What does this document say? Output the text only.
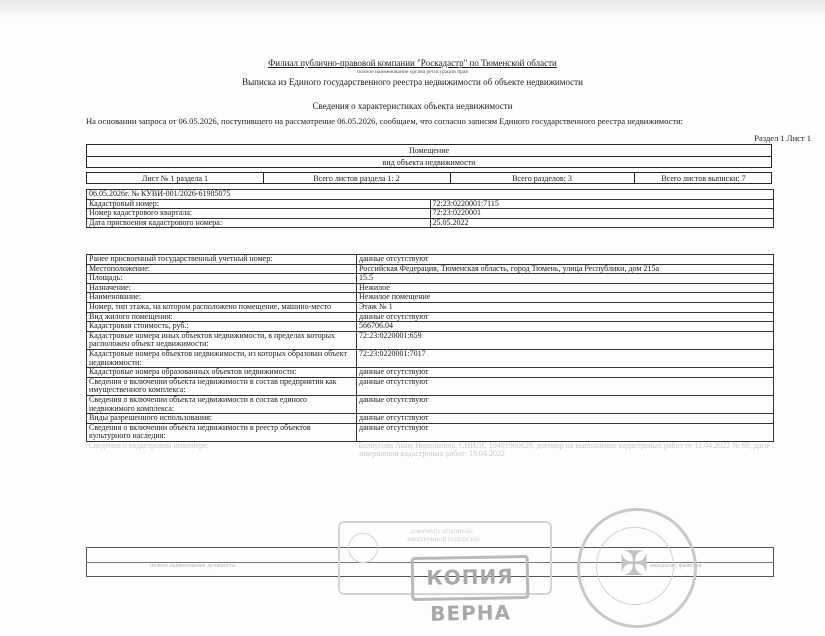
Филиал публично-правовой компании "Роскадастр" по Тюменской области
полное наименование органа регистрации прав
Выписка из Единого государственного реестра недвижимости об объекте недвижимости
Сведения о характеристиках объекта недвижимости
На основании запроса от 06.05.2026, поступившего на рассмотрение 06.05.2026, сообщаем, что согласно записям Единого государственного реестра недвижимости:
Раздел 1 Лист 1
Помещение
вид объекта недвижимости
Лист № 1 раздела 1	Всего листов раздела 1: 2	Всего разделов: 3	Всего листов выписки: 7
06.05.2026г. № КУВИ-001/2026-61985075	
Кадастровый номер:	72:23:0220001:7115
Номер кадастрового квартала:	72:23:0220001
Дата присвоения кадастрового номера:	25.05.2022
Ранее присвоенный государственный учетный номер:	данные отсутствуют
Местоположение:	Российская Федерация, Тюменская область, город Тюмень, улица Республики, дом 215а
Площадь:	15.5
Назначение:	Нежилое
Наименование:	Нежилое помещение
Номер, тип этажа, на котором расположено помещение, машино-место	Этаж № 1
Вид жилого помещения:	данные отсутствуют
Кадастровая стоимость, руб.:	566706.04
Кадастровые номера иных объектов недвижимости, в пределах которых расположен объект недвижимости:	72:23:0220001:659
Кадастровые номера объектов недвижимости, из которых образован объект недвижимости:	72:23:0220001:7017
Кадастровые номера образованных объектов недвижимости:	данные отсутствуют
Сведения о включении объекта недвижимости в состав предприятия как имущественного комплекса:	данные отсутствуют
Сведения о включении объекта недвижимости в состав единого недвижимого комплекса:	данные отсутствуют
Виды разрешенного использования:	данные отсутствуют
Сведения о включении объекта недвижимости в реестр объектов культурного наследия:	данные отсутствуют
Сведения о кадастровом инженере:	Белоусова Анна Николаевна, СНИЛС 10491960626, договор на выполнение кадастровых работ от 11.04.2022 № 68, дата завершения кадастровых работ: 19.04.2022
полное наименование должности	инициалы, фамилия
ДОКУМЕНТ ПОДПИСАН
ЭЛЕКТРОННОЙ ПОДПИСЬЮ
КОПИЯ ВЕРНА
✠
